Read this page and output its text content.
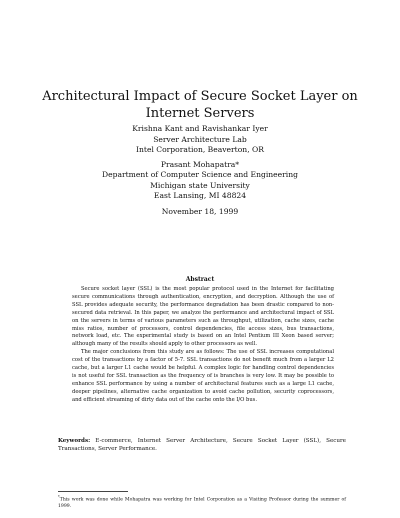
Architectural Impact of Secure Socket Layer on
Internet Servers
Krishna Kant and Ravishankar Iyer
Server Architecture Lab
Intel Corporation, Beaverton, OR
Prasant Mohapatra*
Department of Computer Science and Engineering
Michigan state University
East Lansing, MI 48824
November 18, 1999
Abstract

Secure socket layer (SSL) is the most popular protocol used in the Internet for facilitating secure communications through authentication, encryption, and decryption. Although the use of SSL provides adequate security, the performance degradation has been drastic compared to non-secured data retrieval. In this paper, we analyze the performance and architectural impact of SSL on the servers in terms of various parameters such as throughput, utilization, cache sizes, cache miss ratios, number of processors, control dependencies, file access sizes, bus transactions, network load, etc. The experimental study is based on an Intel Pentium III Xeon based server; although many of the results should apply to other processors as well.

The major conclusions from this study are as follows: The use of SSL increases computational cost of the transactions by a factor of 5-7. SSL transactions do not benefit much from a larger L2 cache, but a larger L1 cache would be helpful. A complex logic for handling control dependencies is not useful for SSL transaction as the frequency of is branches is very low. It may be possible to enhance SSL performance by using a number of architectural features such as a large L1 cache, deeper pipelines, alternative cache organization to avoid cache pollution, security coprocessors, and efficient streaming of dirty data out of the cache onto the I/O bus.

Keywords: E-commerce, Internet Server Architecture, Secure Socket Layer (SSL), Secure Transactions, Server Performance.
*This work was done while Mohapatra was working for Intel Corporation as a Visiting Professor during the summer of 1999.
